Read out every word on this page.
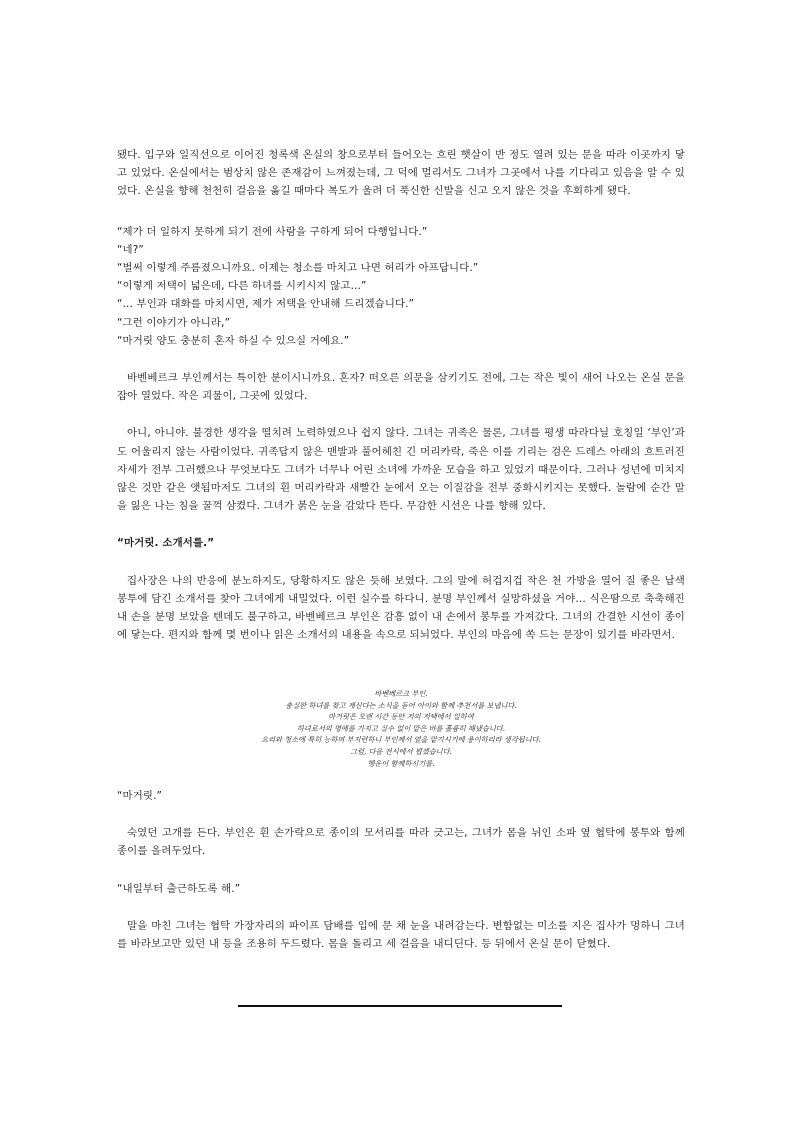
됐다. 입구와 일직선으로 이어진 청록색 온실의 창으로부터 들어오는 흐린 햇살이 반 정도 열려 있는 문을 따라 이곳까지 닿고 있었다. 온실에서는 범상치 않은 존재감이 느껴졌는데, 그 덕에 멀리서도 그녀가 그곳에서 나를 기다리고 있음을 알 수 있었다. 온실을 향해 천천히 걸음을 옮길 때마다 복도가 울려 더 푹신한 신발을 신고 오지 않은 것을 후회하게 됐다.

“제가 더 일하지 못하게 되기 전에 사람을 구하게 되어 다행입니다.”
“네?”
“벌써 이렇게 주름졌으니까요. 이제는 청소를 마치고 나면 허리가 아프답니다.”
“이렇게 저택이 넓은데, 다른 하녀를 시키시지 않고…”
“… 부인과 대화를 마치시면, 제가 저택을 안내해 드리겠습니다.”
“그런 이야기가 아니라,”
“마거릿 양도 충분히 혼자 하실 수 있으실 거예요.”

바벤베르크 부인께서는 특이한 분이시니까요. 혼자? 떠오른 의문을 삼키기도 전에, 그는 작은 빛이 새어 나오는 온실 문을 잡아 열었다. 작은 괴물이, 그곳에 있었다.

아니, 아니야. 불경한 생각을 떨치려 노력하였으나 쉽지 않다. 그녀는 귀족은 물론, 그녀를 평생 따라다닐 호칭일 ‘부인’과도 어울리지 않는 사람이었다. 귀족답지 않은 맨발과 풀어헤친 긴 머리카락, 죽은 이를 기리는 검은 드레스 아래의 흐트러진 자세가 전부 그러했으나 무엇보다도 그녀가 너무나 어린 소녀에 가까운 모습을 하고 있었기 때문이다. 그러나 성년에 미치지 않은 것만 같은 앳됨마저도 그녀의 흰 머리카락과 새빨간 눈에서 오는 이질감을 전부 중화시키지는 못했다. 놀람에 순간 말을 잃은 나는 침을 꿀꺽 삼켰다. 그녀가 붉은 눈을 감았다 뜬다. 무감한 시선은 나를 향해 있다.

“마거릿. 소개서를.”

집사장은 나의 반응에 분노하지도, 당황하지도 않은 듯해 보였다. 그의 말에 허겁지겁 작은 천 가방을 열어 질 좋은 납색 봉투에 담긴 소개서를 찾아 그녀에게 내밀었다. 이런 실수를 하다니. 분명 부인께서 실망하셨을 거야… 식은땀으로 축축해진 내 손을 분명 보았을 텐데도 불구하고, 바벤베르크 부인은 감흥 없이 내 손에서 봉투를 가져갔다. 그녀의 간결한 시선이 종이에 닿는다. 편지와 함께 몇 번이나 읽은 소개서의 내용을 속으로 되뇌었다. 부인의 마음에 쏙 드는 문장이 있기를 바라면서.

바벤베르크 부인.
충실한 하녀를 찾고 계신다는 소식을 듣어 아이와 함께 추천서를 보냅니다.
마거릿은 오랜 시간 동안 저의 저택에서 일하여
하녀로서의 명예를 가지고 실수 없이 맡은 바를 훌륭히 해냈습니다.
요리와 청소에 특히 능하며 부지런하니 부인께서 옆을 맡기시기에 용이하리라 생각됩니다.
그럼, 다음 전시에서 뵙겠습니다.
행운이 함께하시기를.

“마거릿.”

숙였던 고개를 든다. 부인은 흰 손가락으로 종이의 모서리를 따라 긋고는, 그녀가 몸을 뉘인 소파 옆 협탁에 봉투와 함께 종이를 올려두었다.

“내일부터 출근하도록 해.”

말을 마친 그녀는 협탁 가장자리의 파이프 담배를 입에 문 채 눈을 내려감는다. 변함없는 미소를 지은 집사가 멍하니 그녀를 바라보고만 있던 내 등을 조용히 두드렸다. 몸을 돌리고 세 걸음을 내디딘다. 등 뒤에서 온실 문이 닫혔다.
